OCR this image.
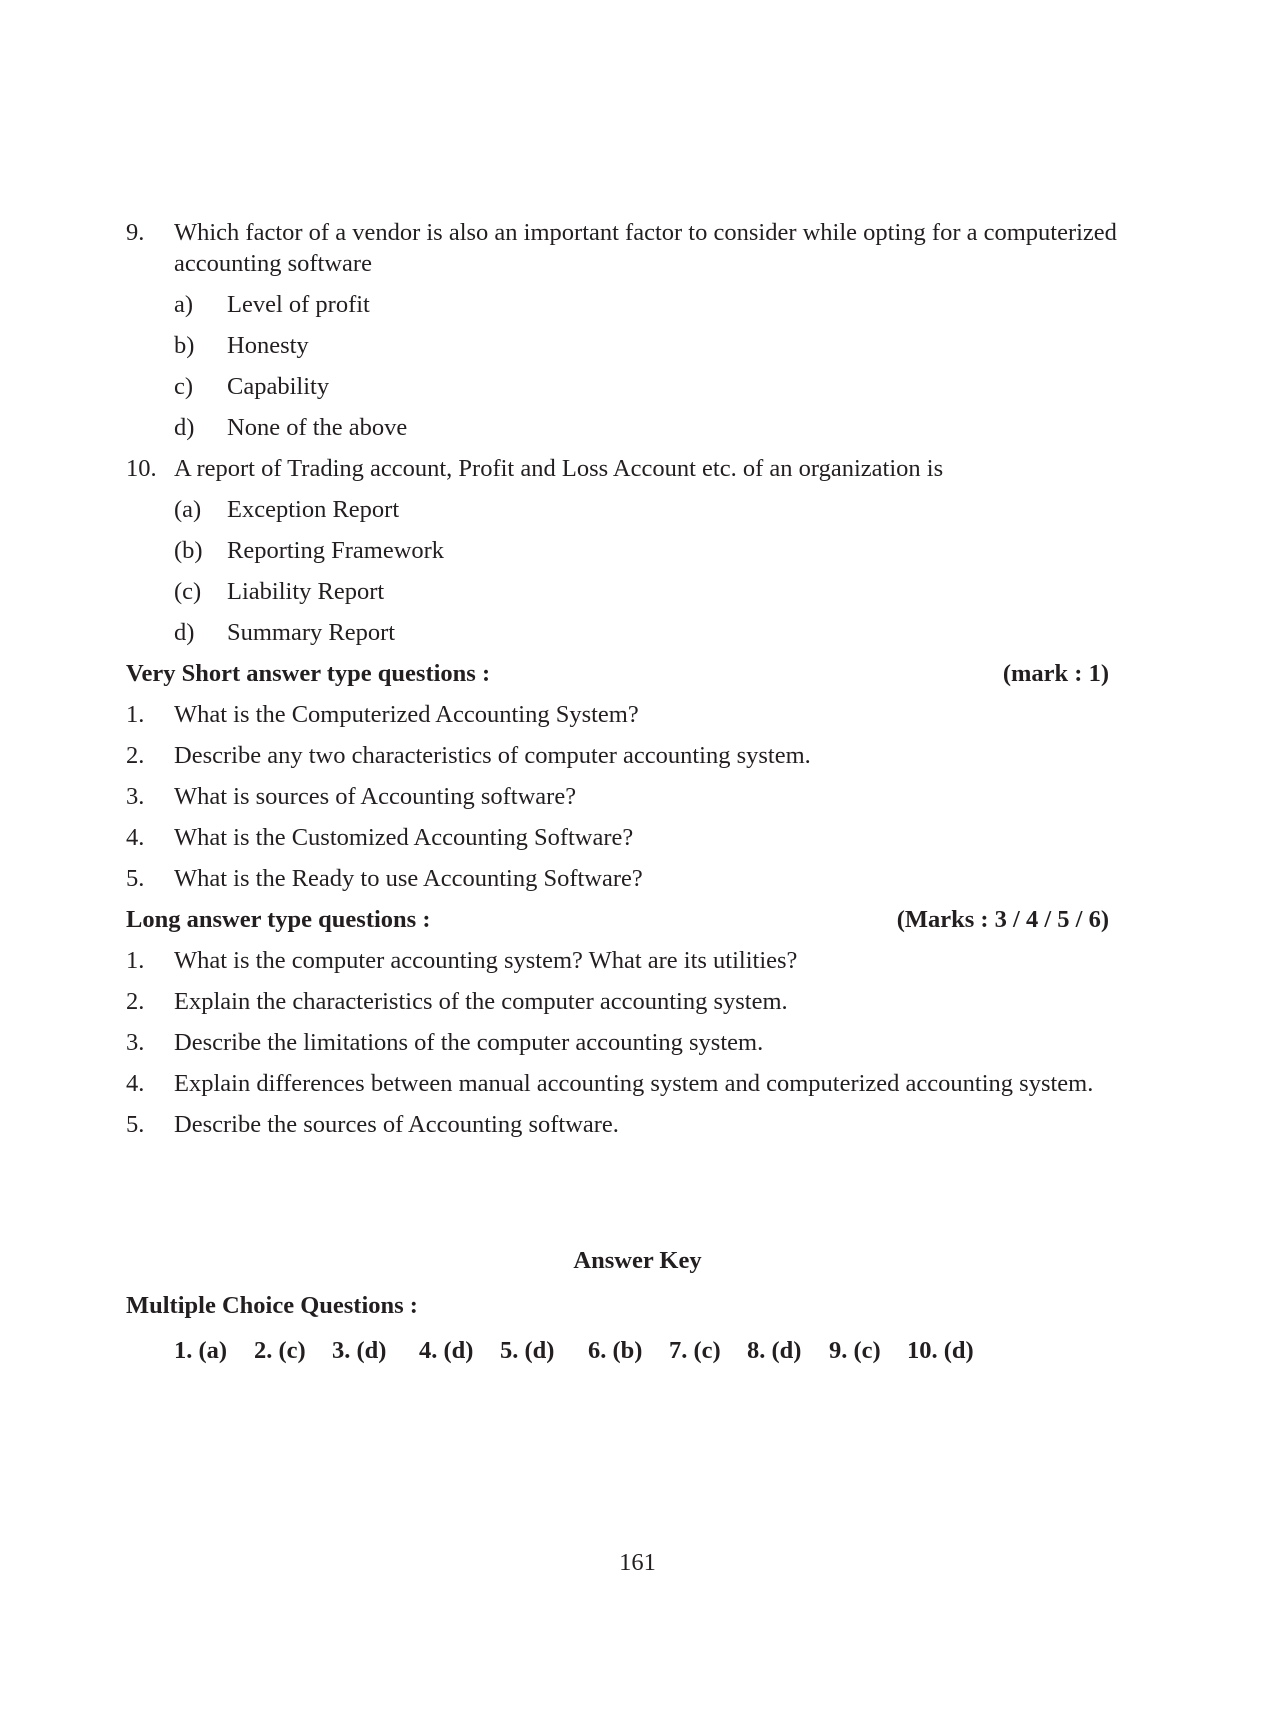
9. Which factor of a vendor is also an important factor to consider while opting for a computerized
accounting software
a) Level of profit
b) Honesty
c) Capability
d) None of the above
10. A report of Trading account, Profit and Loss Account etc. of an organization is
(a) Exception Report
(b) Reporting Framework
(c) Liability Report
d) Summary Report
Very Short answer type questions :	(mark : 1)
1. What is the Computerized Accounting System?
2. Describe any two characteristics of computer accounting system.
3. What is sources of Accounting software?
4. What is the Customized Accounting Software?
5. What is the Ready to use Accounting Software?
Long answer type questions :	(Marks : 3 / 4 / 5 / 6)
1. What is the computer accounting system? What are its utilities?
2. Explain the characteristics of the computer accounting system.
3. Describe the limitations of the computer accounting system.
4. Explain differences between manual accounting system and computerized accounting system.
5. Describe the sources of Accounting software.
Answer Key
Multiple Choice Questions :
1. (a) 2. (c) 3. (d) 4. (d) 5. (d) 6. (b) 7. (c) 8. (d) 9. (c) 10. (d)
161
